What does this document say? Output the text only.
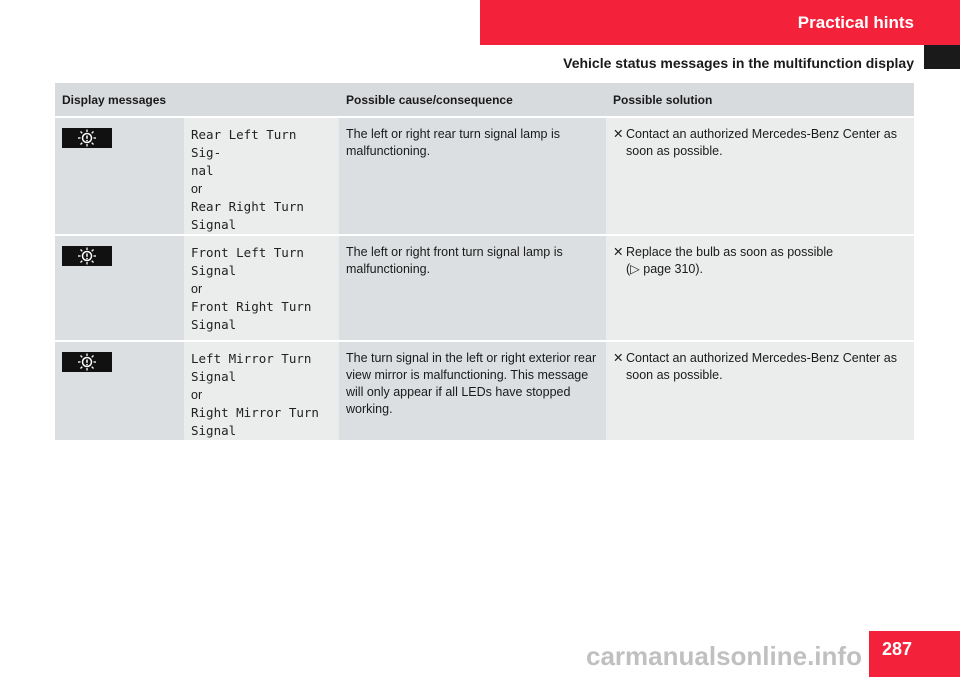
Practical hints
Vehicle status messages in the multifunction display
Display messages		Possible cause/consequence	Possible solution

Rear Left Turn Sig-
nal
or
Rear Right Turn
Signal	The left or right rear turn signal lamp is malfunctioning.	✕ Contact an authorized Mercedes-Benz Center as soon as possible.

Front Left Turn
Signal
or
Front Right Turn
Signal	The left or right front turn signal lamp is malfunctioning.	✕ Replace the bulb as soon as possible
(▷ page 310).

Left Mirror Turn
Signal
or
Right Mirror Turn
Signal	The turn signal in the left or right exterior rear view mirror is malfunctioning. This message will only appear if all LEDs have stopped working.	✕ Contact an authorized Mercedes-Benz Center as soon as possible.
287
carmanualsonline.info
